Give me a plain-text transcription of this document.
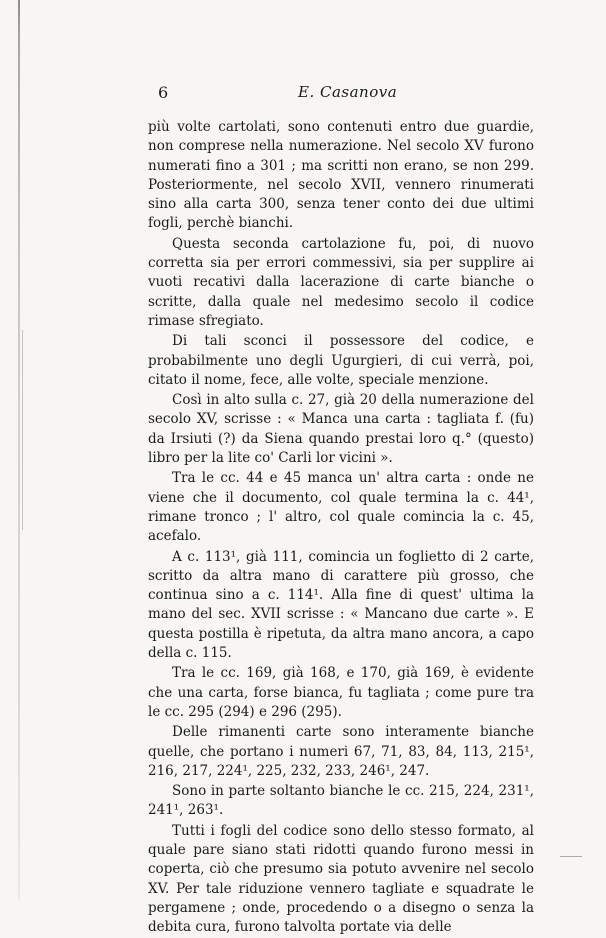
6	E. Casanova

più volte cartolati, sono contenuti entro due guardie, non comprese nella numerazione. Nel secolo XV furono numerati fino a 301 ; ma scritti non erano, se non 299. Posteriormente, nel secolo XVII, vennero rinumerati sino alla carta 300, senza tener conto dei due ultimi fogli, perchè bianchi.

Questa seconda cartolazione fu, poi, di nuovo corretta sia per errori commessivi, sia per supplire ai vuoti recativi dalla lacerazione di carte bianche o scritte, dalla quale nel medesimo secolo il codice rimase sfregiato.

Di tali sconci il possessore del codice, e probabilmente uno degli Ugurgieri, di cui verrà, poi, citato il nome, fece, alle volte, speciale menzione.

Così in alto sulla c. 27, già 20 della numerazione del secolo XV, scrisse : « Manca una carta : tagliata f. (fu) da Irsiuti (?) da Siena quando prestai loro q.° (questo) libro per la lite co' Carli lor vicini ».

Tra le cc. 44 e 45 manca un' altra carta : onde ne viene che il documento, col quale termina la c. 44¹, rimane tronco ; l' altro, col quale comincia la c. 45, acefalo.

A c. 113¹, già 111, comincia un foglietto di 2 carte, scritto da altra mano di carattere più grosso, che continua sino a c. 114¹. Alla fine di quest' ultima la mano del sec. XVII scrisse : « Mancano due carte ». E questa postilla è ripetuta, da altra mano ancora, a capo della c. 115.

Tra le cc. 169, già 168, e 170, già 169, è evidente che una carta, forse bianca, fu tagliata ; come pure tra le cc. 295 (294) e 296 (295).

Delle rimanenti carte sono interamente bianche quelle, che portano i numeri 67, 71, 83, 84, 113, 215¹, 216, 217, 224¹, 225, 232, 233, 246¹, 247.

Sono in parte soltanto bianche le cc. 215, 224, 231¹, 241¹, 263¹.

Tutti i fogli del codice sono dello stesso formato, al quale pare siano stati ridotti quando furono messi in coperta, ciò che presumo sia potuto avvenire nel secolo XV. Per tale riduzione vennero tagliate e squadrate le pergamene ; onde, procedendo o a disegno o senza la debita cura, furono talvolta portate via delle
